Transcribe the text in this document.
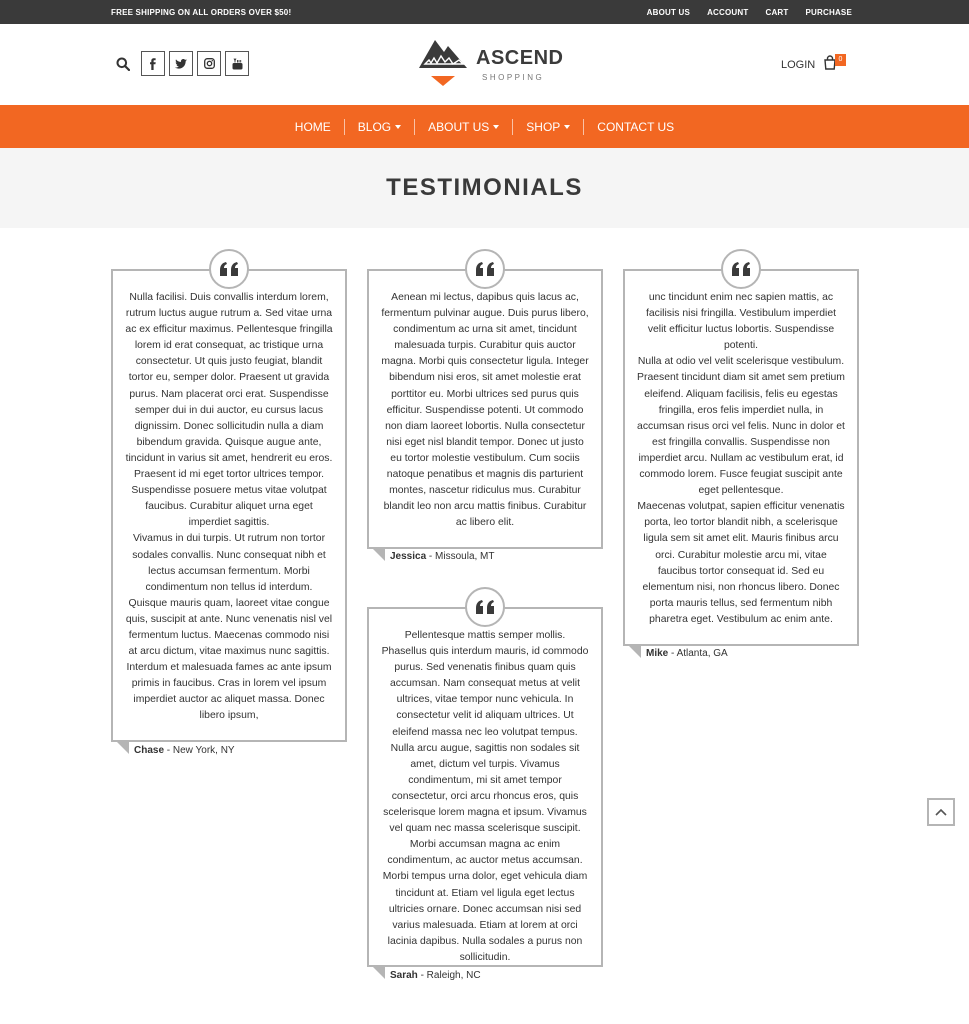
FREE SHIPPING ON ALL ORDERS OVER $50!	ABOUT US ACCOUNT CART PURCHASE
ASCEND
SHOPPING
LOGIN	0
HOME BLOG	ABOUT US	SHOP	CONTACT US
TESTIMONIALS

Nulla facilisi. Duis convallis interdum lorem, rutrum luctus augue rutrum a. Sed vitae urna ac ex efficitur maximus. Pellentesque fringilla lorem id erat consequat, ac tristique urna consectetur. Ut quis justo feugiat, blandit tortor eu, semper dolor. Praesent ut gravida purus. Nam placerat orci erat. Suspendisse semper dui in dui auctor, eu cursus lacus dignissim. Donec sollicitudin nulla a diam bibendum gravida. Quisque augue ante, tincidunt in varius sit amet, hendrerit eu eros. Praesent id mi eget tortor ultrices tempor. Suspendisse posuere metus vitae volutpat faucibus. Curabitur aliquet urna eget imperdiet sagittis.

Vivamus in dui turpis. Ut rutrum non tortor sodales convallis. Nunc consequat nibh et lectus accumsan fermentum. Morbi condimentum non tellus id interdum. Quisque mauris quam, laoreet vitae congue quis, suscipit at ante. Nunc venenatis nisl vel fermentum luctus. Maecenas commodo nisi at arcu dictum, vitae maximus nunc sagittis. Interdum et malesuada fames ac ante ipsum primis in faucibus. Cras in lorem vel ipsum imperdiet auctor ac aliquet massa. Donec libero ipsum,

Chase - New York, NY

Aenean mi lectus, dapibus quis lacus ac, fermentum pulvinar augue. Duis purus libero, condimentum ac urna sit amet, tincidunt malesuada turpis. Curabitur quis auctor magna. Morbi quis consectetur ligula. Integer bibendum nisi eros, sit amet molestie erat porttitor eu. Morbi ultrices sed purus quis efficitur. Suspendisse potenti. Ut commodo non diam laoreet lobortis. Nulla consectetur nisi eget nisl blandit tempor. Donec ut justo eu tortor molestie vestibulum. Cum sociis natoque penatibus et magnis dis parturient montes, nascetur ridiculus mus. Curabitur blandit leo non arcu mattis finibus. Curabitur ac libero elit.

Jessica - Missoula, MT

Pellentesque mattis semper mollis. Phasellus quis interdum mauris, id commodo purus. Sed venenatis finibus quam quis accumsan. Nam consequat metus at velit ultrices, vitae tempor nunc vehicula. In consectetur velit id aliquam ultrices. Ut eleifend massa nec leo volutpat tempus. Nulla arcu augue, sagittis non sodales sit amet, dictum vel turpis. Vivamus condimentum, mi sit amet tempor consectetur, orci arcu rhoncus eros, quis scelerisque lorem magna et ipsum. Vivamus vel quam nec massa scelerisque suscipit. Morbi accumsan magna ac enim condimentum, ac auctor metus accumsan. Morbi tempus urna dolor, eget vehicula diam tincidunt at. Etiam vel ligula eget lectus ultricies ornare. Donec accumsan nisi sed varius malesuada. Etiam at lorem at orci lacinia dapibus. Nulla sodales a purus non sollicitudin.

Sarah - Raleigh, NC

unc tincidunt enim nec sapien mattis, ac facilisis nisi fringilla. Vestibulum imperdiet velit efficitur luctus lobortis. Suspendisse potenti.

Nulla at odio vel velit scelerisque vestibulum. Praesent tincidunt diam sit amet sem pretium eleifend. Aliquam facilisis, felis eu egestas fringilla, eros felis imperdiet nulla, in accumsan risus orci vel felis. Nunc in dolor et est fringilla convallis. Suspendisse non imperdiet arcu. Nullam ac vestibulum erat, id commodo lorem. Fusce feugiat suscipit ante eget pellentesque.

Maecenas volutpat, sapien efficitur venenatis porta, leo tortor blandit nibh, a scelerisque ligula sem sit amet elit. Mauris finibus arcu orci. Curabitur molestie arcu mi, vitae faucibus tortor consequat id. Sed eu elementum nisi, non rhoncus libero. Donec porta mauris tellus, sed fermentum nibh pharetra eget. Vestibulum ac enim ante.

Mike - Atlanta, GA
